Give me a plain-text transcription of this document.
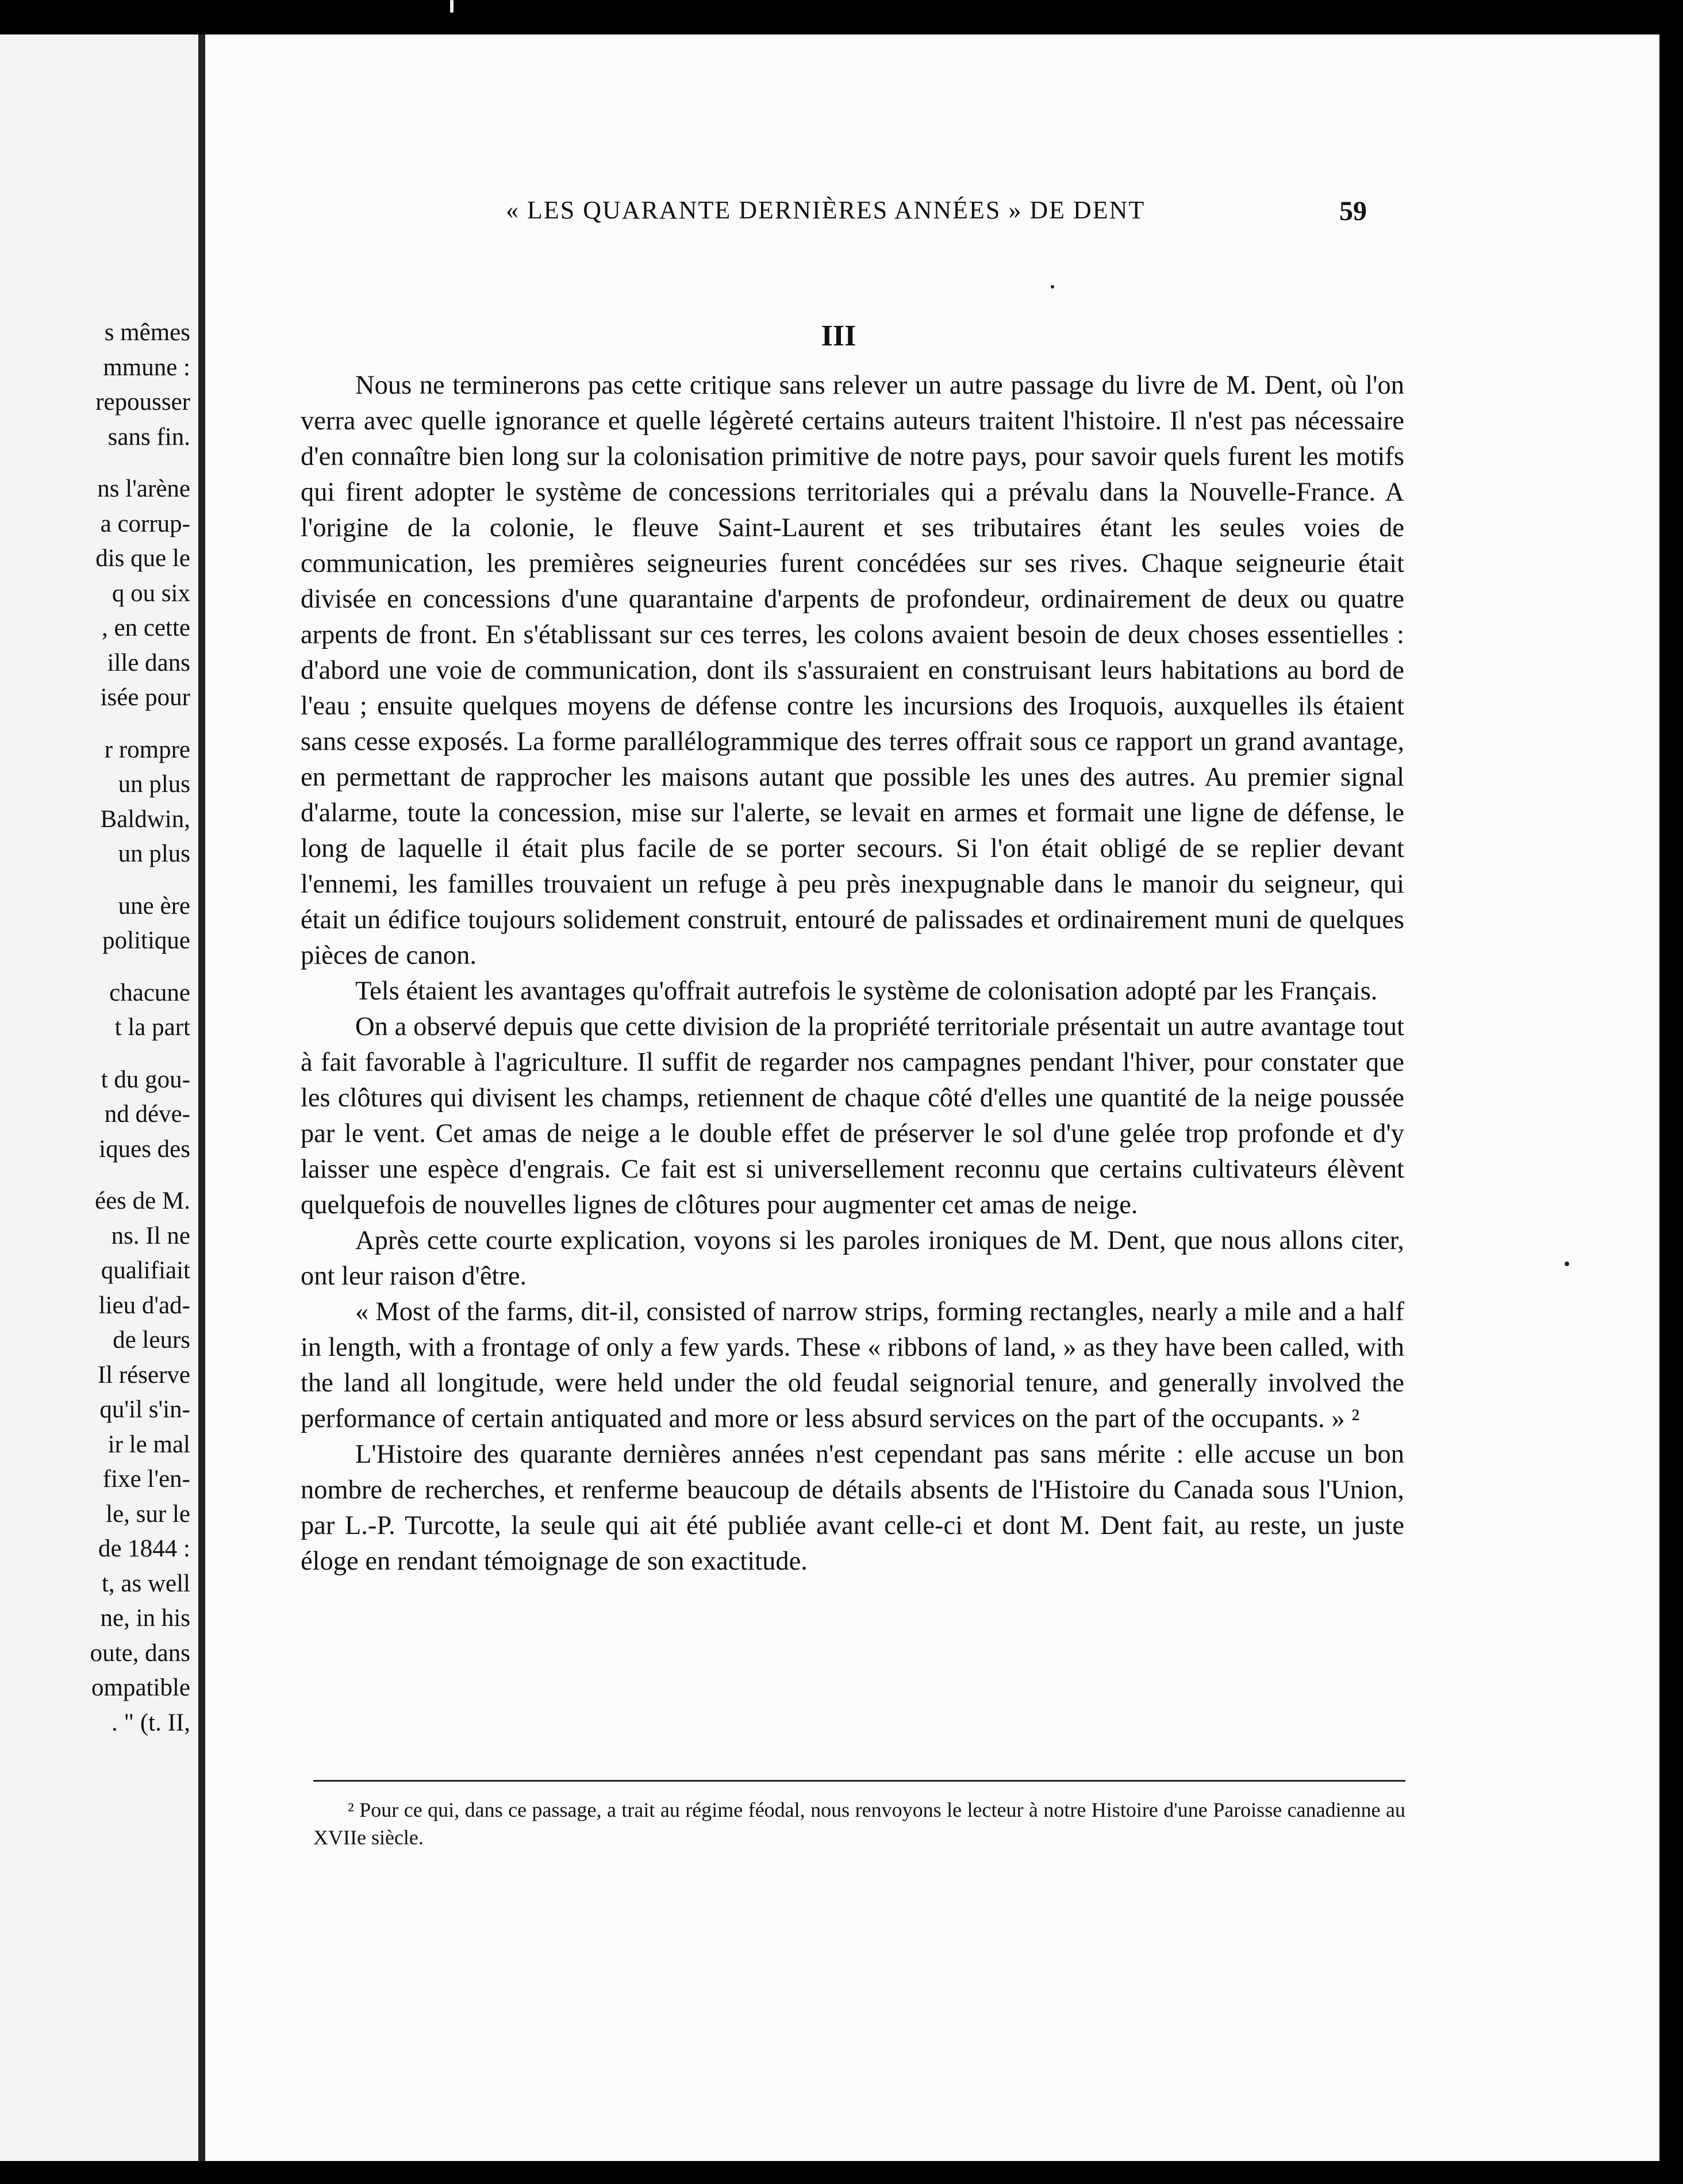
s mêmes
mmune :
repousser
sans fin.
ns l'arène
a corrup-
dis que le
q ou six
, en cette
ille dans
isée pour
r rompre
un plus
Baldwin,
un plus
une ère
politique
chacune
t la part
t du gou-
nd déve-
iques des
ées de M.
ns. Il ne
qualifiait
lieu d'ad-
de leurs
Il réserve
qu'il s'in-
ir le mal
fixe l'en-
le, sur le
de 1844 :
t, as well
ne, in his
oute, dans
ompatible
. " (t. II,
« LES QUARANTE DERNIÈRES ANNÉES » DE DENT	59
III

Nous ne terminerons pas cette critique sans relever un autre passage du livre de M. Dent, où l'on verra avec quelle ignorance et quelle légèreté certains auteurs traitent l'histoire. Il n'est pas nécessaire d'en connaître bien long sur la colonisation primitive de notre pays, pour savoir quels furent les motifs qui firent adopter le système de concessions territoriales qui a prévalu dans la Nouvelle-France. A l'origine de la colonie, le fleuve Saint-Laurent et ses tributaires étant les seules voies de communication, les premières seigneuries furent concédées sur ses rives. Chaque seigneurie était divisée en concessions d'une quarantaine d'arpents de profondeur, ordinairement de deux ou quatre arpents de front. En s'établissant sur ces terres, les colons avaient besoin de deux choses essentielles : d'abord une voie de communication, dont ils s'assuraient en construisant leurs habitations au bord de l'eau ; ensuite quelques moyens de défense contre les incursions des Iroquois, auxquelles ils étaient sans cesse exposés. La forme parallélogrammique des terres offrait sous ce rapport un grand avantage, en permettant de rapprocher les maisons autant que possible les unes des autres. Au premier signal d'alarme, toute la concession, mise sur l'alerte, se levait en armes et formait une ligne de défense, le long de laquelle il était plus facile de se porter secours. Si l'on était obligé de se replier devant l'ennemi, les familles trouvaient un refuge à peu près inexpugnable dans le manoir du seigneur, qui était un édifice toujours solidement construit, entouré de palissades et ordinairement muni de quelques pièces de canon.

Tels étaient les avantages qu'offrait autrefois le système de colonisation adopté par les Français.

On a observé depuis que cette division de la propriété territoriale présentait un autre avantage tout à fait favorable à l'agriculture. Il suffit de regarder nos campagnes pendant l'hiver, pour constater que les clôtures qui divisent les champs, retiennent de chaque côté d'elles une quantité de la neige poussée par le vent. Cet amas de neige a le double effet de préserver le sol d'une gelée trop profonde et d'y laisser une espèce d'engrais. Ce fait est si universellement reconnu que certains cultivateurs élèvent quelquefois de nouvelles lignes de clôtures pour augmenter cet amas de neige.

Après cette courte explication, voyons si les paroles ironiques de M. Dent, que nous allons citer, ont leur raison d'être.

« Most of the farms, dit-il, consisted of narrow strips, forming rectangles, nearly a mile and a half in length, with a frontage of only a few yards. These « ribbons of land, » as they have been called, with the land all longitude, were held under the old feudal seignorial tenure, and generally involved the performance of certain antiquated and more or less absurd services on the part of the occupants. » ²

L'Histoire des quarante dernières années n'est cependant pas sans mérite : elle accuse un bon nombre de recherches, et renferme beaucoup de détails absents de l'Histoire du Canada sous l'Union, par L.-P. Turcotte, la seule qui ait été publiée avant celle-ci et dont M. Dent fait, au reste, un juste éloge en rendant témoignage de son exactitude.

² Pour ce qui, dans ce passage, a trait au régime féodal, nous renvoyons le lecteur à notre Histoire d'une Paroisse canadienne au XVIIe siècle.
